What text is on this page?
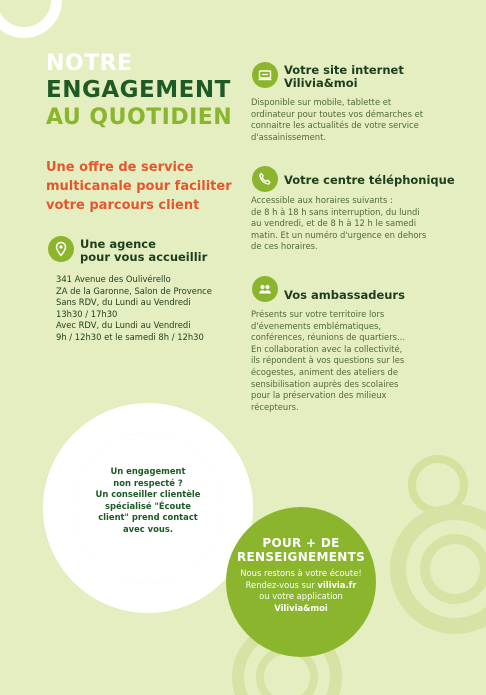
NOTRE
ENGAGEMENT
AU QUOTIDIEN
Une offre de service multicanale pour faciliter votre parcours client
Une agence
pour vous accueillir
341 Avenue des Oulivérello
ZA de la Garonne, Salon de Provence
Sans RDV, du Lundi au Vendredi
13h30 / 17h30
Avec RDV, du Lundi au Vendredi
9h / 12h30 et le samedi 8h / 12h30
Votre site internet
Vilivia&moi
Disponible sur mobile, tablette et
ordinateur pour toutes vos démarches et
connaitre les actualités de votre service
d'assainissement.
Votre centre téléphonique
Accessible aux horaires suivants :
de 8 h à 18 h sans interruption, du lundi
au vendredi, et de 8 h à 12 h le samedi
matin. Et un numéro d'urgence en dehors
de ces horaires.
Vos ambassadeurs
Présents sur votre territoire lors
d'évenements emblématiques,
conférences, réunions de quartiers...
En collaboration avec la collectivité,
ils répondent à vos questions sur les
écogestes, animent des ateliers de
sensibilisation auprès des scolaires
pour la préservation des milieux
récepteurs.
Un engagement
non respecté ?
Un conseiller clientèle
spécialisé "Écoute
client" prend contact
avec vous.
POUR + DE
RENSEIGNEMENTS
Nous restons à votre écoute!
Rendez-vous sur vilivia.fr
ou votre application
Vilivia&moi
